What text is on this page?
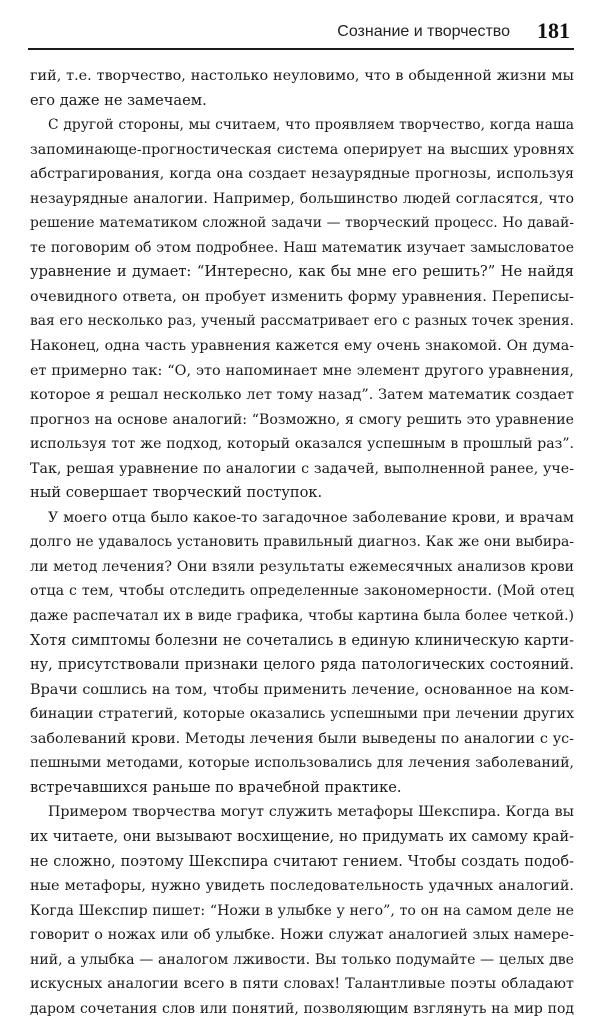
Сознание и творчество 181

гий, т.е. творчество, настолько неуловимо, что в обыденной жизни мы
его даже не замечаем.

С другой стороны, мы считаем, что проявляем творчество, когда наша
запоминающе-прогностическая система оперирует на высших уровнях
абстрагирования, когда она создает незаурядные прогнозы, используя
незаурядные аналогии. Например, большинство людей согласятся, что
решение математиком сложной задачи — творческий процесс. Но давай-
те поговорим об этом подробнее. Наш математик изучает замысловатое
уравнение и думает: “Интересно, как бы мне его решить?” Не найдя
очевидного ответа, он пробует изменить форму уравнения. Переписы-
вая его несколько раз, ученый рассматривает его с разных точек зрения.
Наконец, одна часть уравнения кажется ему очень знакомой. Он дума-
ет примерно так: “О, это напоминает мне элемент другого уравнения,
которое я решал несколько лет тому назад”. Затем математик создает
прогноз на основе аналогий: “Возможно, я смогу решить это уравнение
используя тот же подход, который оказался успешным в прошлый раз”.
Так, решая уравнение по аналогии с задачей, выполненной ранее, уче-
ный совершает творческий поступок.

У моего отца было какое-то загадочное заболевание крови, и врачам
долго не удавалось установить правильный диагноз. Как же они выбира-
ли метод лечения? Они взяли результаты ежемесячных анализов крови
отца с тем, чтобы отследить определенные закономерности. (Мой отец
даже распечатал их в виде графика, чтобы картина была более четкой.)
Хотя симптомы болезни не сочетались в единую клиническую карти-
ну, присутствовали признаки целого ряда патологических состояний.
Врачи сошлись на том, чтобы применить лечение, основанное на ком-
бинации стратегий, которые оказались успешными при лечении других
заболеваний крови. Методы лечения были выведены по аналогии с ус-
пешными методами, которые использовались для лечения заболеваний,
встречавшихся раньше по врачебной практике.

Примером творчества могут служить метафоры Шекспира. Когда вы
их читаете, они вызывают восхищение, но придумать их самому край-
не сложно, поэтому Шекспира считают гением. Чтобы создать подоб-
ные метафоры, нужно увидеть последовательность удачных аналогий.
Когда Шекспир пишет: “Ножи в улыбке у него”, то он на самом деле не
говорит о ножах или об улыбке. Ножи служат аналогией злых намере-
ний, а улыбка — аналогом лживости. Вы только подумайте — целых две
искусных аналогии всего в пяти словах! Талантливые поэты обладают
даром сочетания слов или понятий, позволяющим взглянуть на мир под
